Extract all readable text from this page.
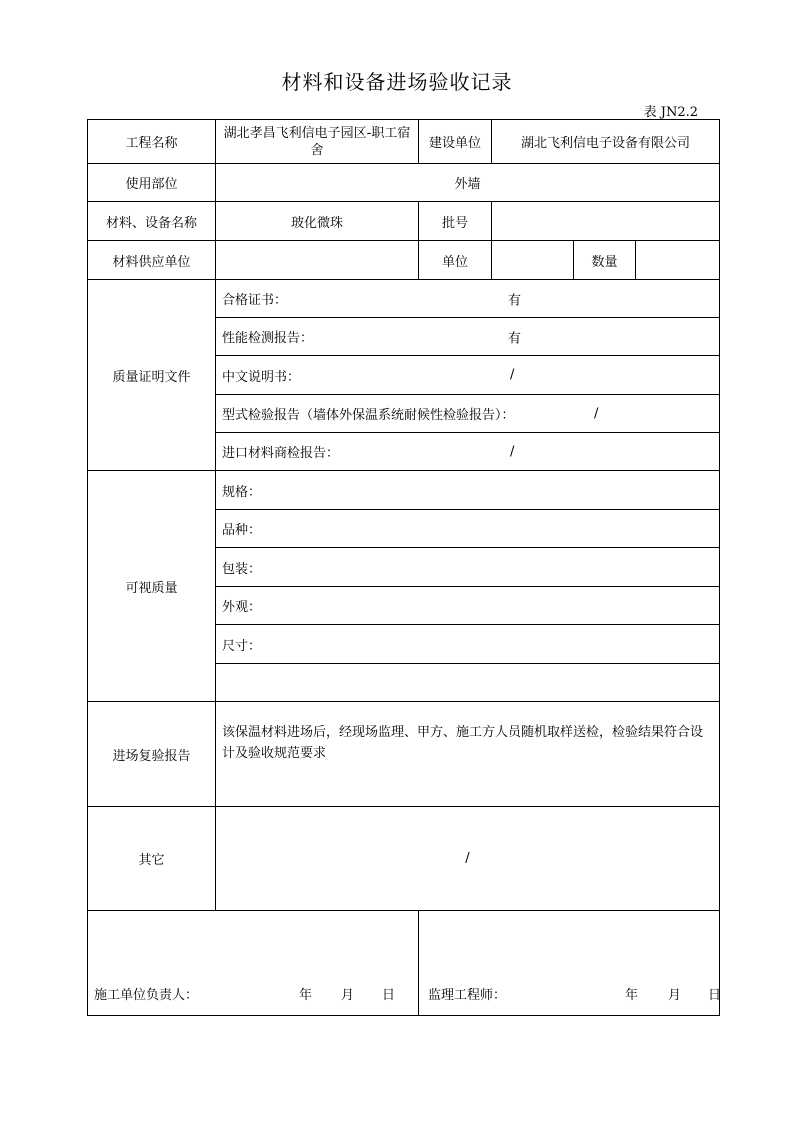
材料和设备进场验收记录
表 JN2.2
工程名称	湖北孝昌飞利信电子园区-职工宿舍	建设单位	湖北飞利信电子设备有限公司		
使用部位	外墙				
材料、设备名称	玻化微珠	批号			
材料供应单位		单位		数量	
质量证明文件	合格证书： 有				

	性能检测报告： 有				

	中文说明书： /				

	型式检验报告（墙体外保温系统耐候性检验报告）： /				

	进口材料商检报告： /				

可视质量	规格：				
	品种：				
	包装：				
	外观：				
	尺寸：				

进场复验报告	该保温材料进场后，经现场监理、甲方、施工方人员随机取样送检，检验结果符合设计及验收规范要求				
其它	/				

施工单位负责人： 年 月 日		监理工程师： 年 月 日			
